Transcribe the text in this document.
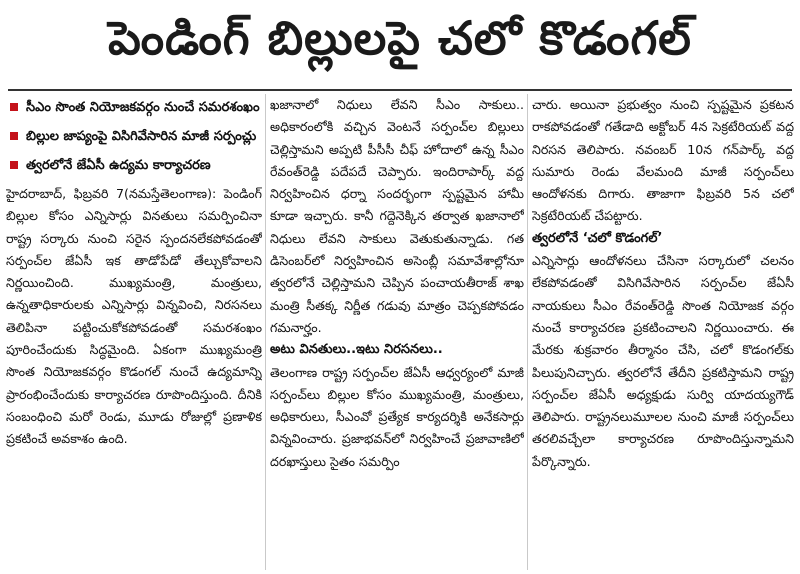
పెండింగ్ బిల్లులపై చలో కొడంగల్
సీఎం సొంత నియోజకవర్గం నుంచే సమరశంఖం
బిల్లుల జాప్యంపై విసిగివేసారిన మాజీ సర్పంచ్లు
త్వరలోనే జేఏసీ ఉద్యమ కార్యాచరణ

హైదరాబాద్, ఫిబ్రవరి 7(నమస్తేతెలంగాణ): పెండింగ్ బిల్లుల కోసం ఎన్నిసార్లు వినతులు సమర్పించినా రాష్ట్ర సర్కారు నుంచి సరైన స్పందనలేకపోవడంతో సర్పంచ్‌ల జేఏసీ ఇక తాడోపేడో తేల్చుకోవాలని నిర్ణయించింది. ముఖ్యమంత్రి, మంత్రులు, ఉన్నతాధికారులకు ఎన్నిసార్లు విన్నవించి, నిరసనలు తెలిపినా పట్టించుకోకపోవడంతో సమరశంఖం పూరించేందుకు సిద్ధమైంది. ఏకంగా ముఖ్యమంత్రి సొంత నియోజకవర్గం కొడంగల్ నుంచే ఉద్యమాన్ని ప్రారంభించేందుకు కార్యాచరణ రూపొందిస్తుంది. దీనికి సంబంధించి మరో రెండు, మూడు రోజుల్లో ప్రణాళిక ప్రకటించే అవకాశం ఉంది.

ఖజానాలో నిధులు లేవని సీఎం సాకులు.. అధికారంలోకి వచ్చిన వెంటనే సర్పంచ్‌ల బిల్లులు చెల్లిస్తామని అప్పటి పీసీసీ చీఫ్ హోదాలో ఉన్న సీఎం రేవంత్‌రెడ్డి పదేపదే చెప్పారు. ఇందిరాపార్క్ వద్ద నిర్వహించిన ధర్నా సందర్భంగా స్పష్టమైన హామీ కూడా ఇచ్చారు. కానీ గద్దెనెక్కిన తర్వాత ఖజానాలో నిధులు లేవని సాకులు వెతుకుతున్నాడు. గత డిసెంబర్‌లో నిర్వహించిన అసెంబ్లీ సమావేశాల్లోనూ త్వరలోనే చెల్లిస్తామని చెప్పిన పంచాయతీరాజ్ శాఖ మంత్రి సీతక్క నిర్ణీత గడువు మాత్రం చెప్పకపోవడం గమనార్హం.

అటు వినతులు..ఇటు నిరసనలు..

తెలంగాణ రాష్ట్ర సర్పంచ్‌ల జేఏసీ ఆధ్వర్యంలో మాజీ సర్పంచ్‌లు బిల్లుల కోసం ముఖ్యమంత్రి, మంత్రులు, అధికారులు, సీఎంవో ప్రత్యేక కార్యదర్శికి అనేకసార్లు విన్నవించారు. ప్రజాభవన్‌లో నిర్వహించే ప్రజావాణిలో దరఖాస్తులు సైతం సమర్పిం

చారు. అయినా ప్రభుత్వం నుంచి స్పష్టమైన ప్రకటన రాకపోవడంతో గతేడాది అక్టోబర్ 4న సెక్రటేరియట్ వద్ద నిరసన తెలిపారు. నవంబర్ 10న గన్‌పార్క్ వద్ద సుమారు రెండు వేలమంది మాజీ సర్పంచ్‌లు ఆందోళనకు దిగారు. తాజాగా ఫిబ్రవరి 5న చలో సెక్రటేరియట్ చేపట్టారు.

త్వరలోనే ‘చలో కొడంగల్’

ఎన్నిసార్లు ఆందోళనలు చేసినా సర్కారులో చలనం లేకపోవడంతో విసిగివేసారిన సర్పంచ్‌ల జేఏసీ నాయకులు సీఎం రేవంత్‌రెడ్డి సొంత నియోజక వర్గం నుంచే కార్యాచరణ ప్రకటించాలని నిర్ణయించారు. ఈ మేరకు శుక్రవారం తీర్మానం చేసి, చలో కొడంగల్‌కు పిలుపునిచ్చారు. త్వరలోనే తేదీని ప్రకటిస్తామని రాష్ట్ర సర్పంచ్‌ల జేఏసీ అధ్యక్షుడు సుర్వి యాదయ్యగౌడ్ తెలిపారు. రాష్ట్రనలుమూలల నుంచి మాజీ సర్పంచ్‌లు తరలివచ్చేలా కార్యాచరణ రూపొందిస్తున్నామని పేర్కొన్నారు.
